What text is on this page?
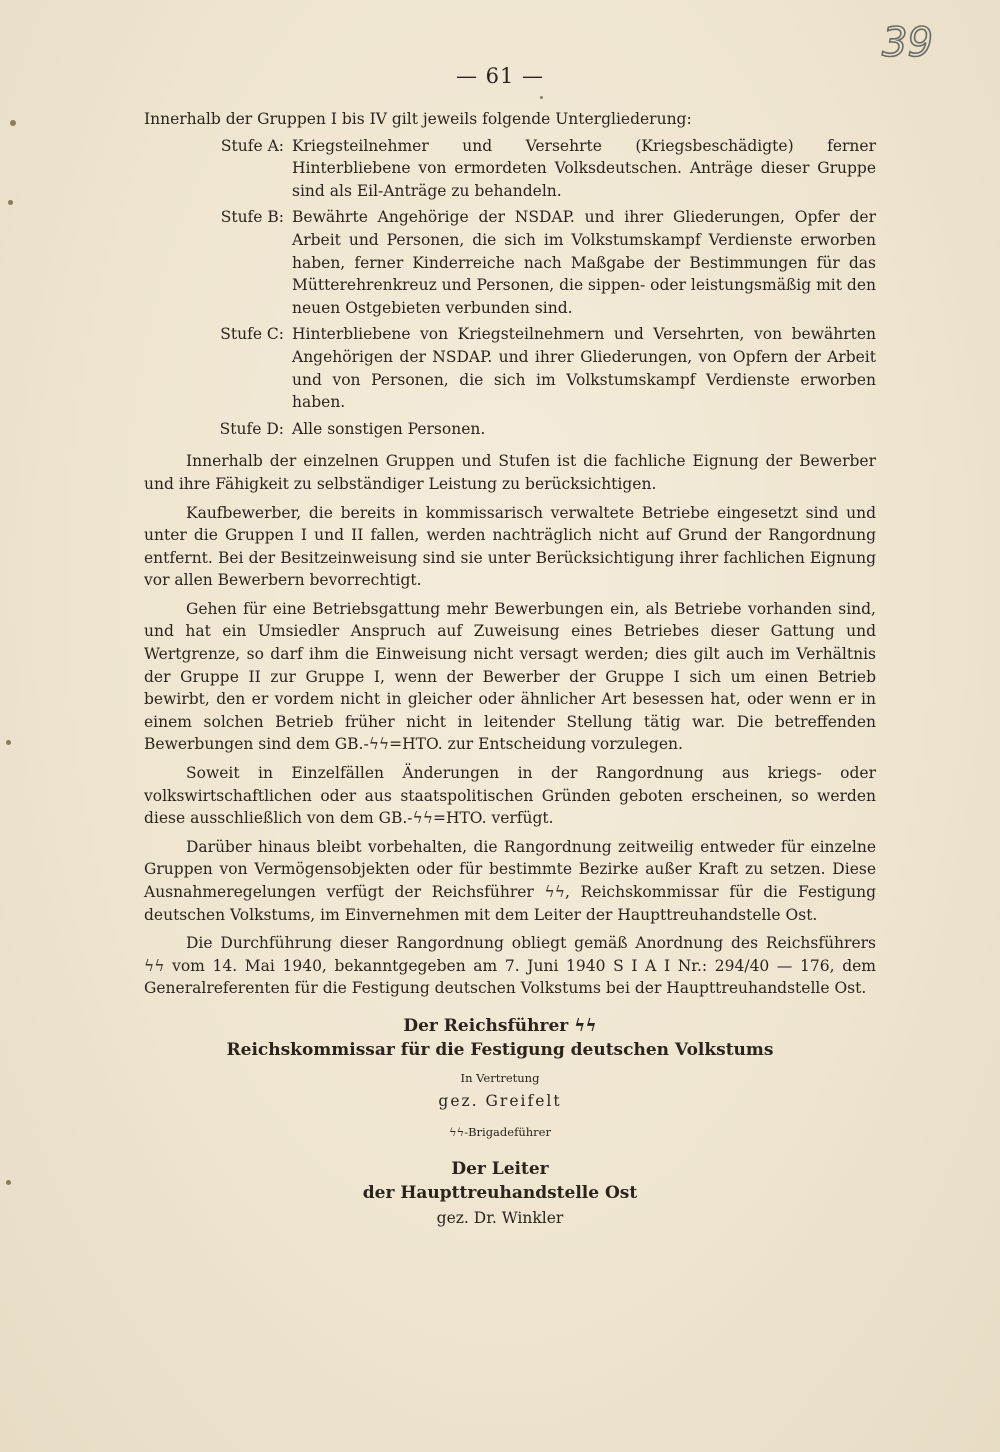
39
— 61 —

Innerhalb der Gruppen I bis IV gilt jeweils folgende Untergliederung:

Stufe A: Kriegsteilnehmer und Versehrte (Kriegsbeschädigte) ferner Hinterbliebene von ermordeten Volksdeutschen. Anträge dieser Gruppe sind als Eil-Anträge zu behandeln.
Stufe B: Bewährte Angehörige der NSDAP. und ihrer Gliederungen, Opfer der Arbeit und Personen, die sich im Volkstumskampf Verdienste erworben haben, ferner Kinderreiche nach Maßgabe der Bestimmungen für das Mütterehrenkreuz und Personen, die sippen- oder leistungsmäßig mit den neuen Ostgebieten verbunden sind.
Stufe C: Hinterbliebene von Kriegsteilnehmern und Versehrten, von bewährten Angehörigen der NSDAP. und ihrer Gliederungen, von Opfern der Arbeit und von Personen, die sich im Volkstumskampf Verdienste erworben haben.
Stufe D: Alle sonstigen Personen.

Innerhalb der einzelnen Gruppen und Stufen ist die fachliche Eignung der Bewerber und ihre Fähigkeit zu selbständiger Leistung zu berücksichtigen.

Kaufbewerber, die bereits in kommissarisch verwaltete Betriebe eingesetzt sind und unter die Gruppen I und II fallen, werden nachträglich nicht auf Grund der Rangordnung entfernt. Bei der Besitzeinweisung sind sie unter Berücksichtigung ihrer fachlichen Eignung vor allen Bewerbern bevorrechtigt.

Gehen für eine Betriebsgattung mehr Bewerbungen ein, als Betriebe vorhanden sind, und hat ein Umsiedler Anspruch auf Zuweisung eines Betriebes dieser Gattung und Wertgrenze, so darf ihm die Einweisung nicht versagt werden; dies gilt auch im Verhältnis der Gruppe II zur Gruppe I, wenn der Bewerber der Gruppe I sich um einen Betrieb bewirbt, den er vordem nicht in gleicher oder ähnlicher Art besessen hat, oder wenn er in einem solchen Betrieb früher nicht in leitender Stellung tätig war. Die betreffenden Bewerbungen sind dem GB.-ϟϟ=HTO. zur Entscheidung vorzulegen.

Soweit in Einzelfällen Änderungen in der Rangordnung aus kriegs- oder volkswirtschaftlichen oder aus staatspolitischen Gründen geboten erscheinen, so werden diese ausschließlich von dem GB.-ϟϟ=HTO. verfügt.

Darüber hinaus bleibt vorbehalten, die Rangordnung zeitweilig entweder für einzelne Gruppen von Vermögensobjekten oder für bestimmte Bezirke außer Kraft zu setzen. Diese Ausnahmeregelungen verfügt der Reichsführer ϟϟ, Reichskommissar für die Festigung deutschen Volkstums, im Einvernehmen mit dem Leiter der Haupttreuhandstelle Ost.

Die Durchführung dieser Rangordnung obliegt gemäß Anordnung des Reichsführers ϟϟ vom 14. Mai 1940, bekanntgegeben am 7. Juni 1940 S I A I Nr.: 294/40 — 176, dem Generalreferenten für die Festigung deutschen Volkstums bei der Haupttreuhandstelle Ost.

Der Reichsführer ϟϟ
Reichskommissar für die Festigung deutschen Volkstums
In Vertretung
gez. Greifelt
ϟϟ-Brigadeführer
Der Leiter
der Haupttreuhandstelle Ost
gez. Dr. Winkler
